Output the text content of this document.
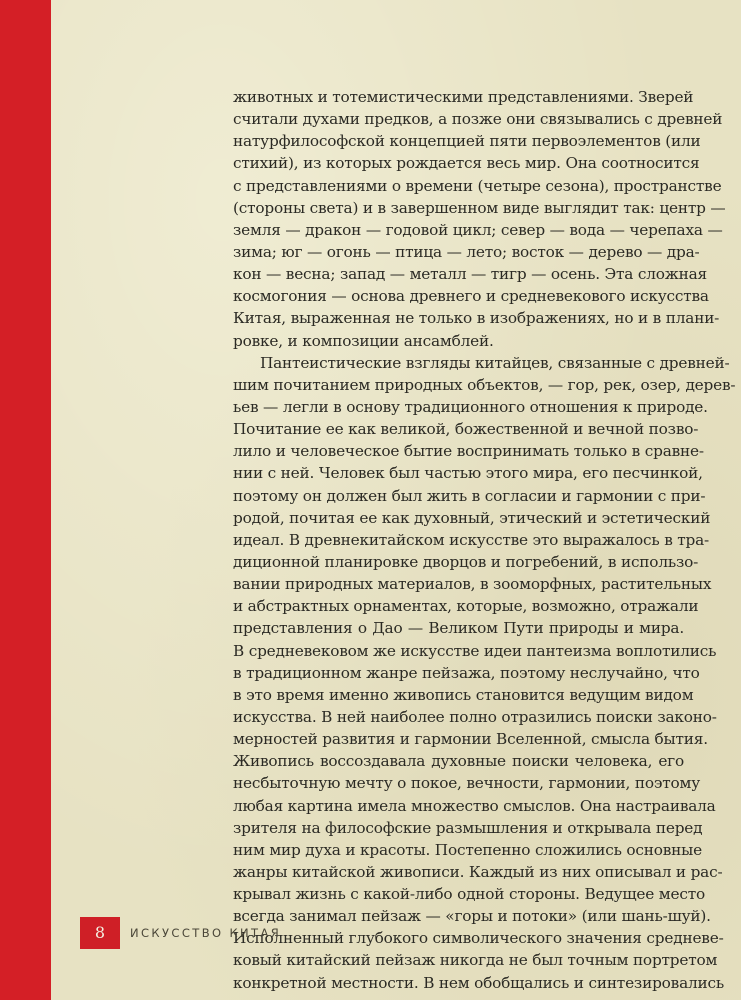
животных и тотемистическими представлениями. Зверей
считали духами предков, а позже они связывались с древней
натурфилософской концепцией пяти первоэлементов (или
стихий), из которых рождается весь мир. Она соотносится
с представлениями о времени (четыре сезона), пространстве
(стороны света) и в завершенном виде выглядит так: центр —
земля — дракон — годовой цикл; север — вода — черепаха —
зима; юг — огонь — птица — лето; восток — дерево — дра-
кон — весна; запад — металл — тигр — осень. Эта сложная
космогония — основа древнего и средневекового искусства
Китая, выраженная не только в изображениях, но и в плани-
ровке, и композиции ансамблей.
Пантеистические взгляды китайцев, связанные с древней-
шим почитанием природных объектов, — гор, рек, озер, дерев-
ьев — легли в основу традиционного отношения к природе.
Почитание ее как великой, божественной и вечной позво-
лило и человеческое бытие воспринимать только в сравне-
нии с ней. Человек был частью этого мира, его песчинкой,
поэтому он должен был жить в согласии и гармонии с при-
родой, почитая ее как духовный, этический и эстетический
идеал. В древнекитайском искусстве это выражалось в тра-
диционной планировке дворцов и погребений, в использо-
вании природных материалов, в зооморфных, растительных
и абстрактных орнаментах, которые, возможно, отражали
представления о Дао — Великом Пути природы и мира.
В средневековом же искусстве идеи пантеизма воплотились
в традиционном жанре пейзажа, поэтому неслучайно, что
в это время именно живопись становится ведущим видом
искусства. В ней наиболее полно отразились поиски законо-
мерностей развития и гармонии Вселенной, смысла бытия.
Живопись воссоздавала духовные поиски человека, его
несбыточную мечту о покое, вечности, гармонии, поэтому
любая картина имела множество смыслов. Она настраивала
зрителя на философские размышления и открывала перед
ним мир духа и красоты. Постепенно сложились основные
жанры китайской живописи. Каждый из них описывал и рас-
крывал жизнь с какой-либо одной стороны. Ведущее место
всегда занимал пейзаж — «горы и потоки» (или шань-шуй).
Исполненный глубокого символического значения средневе-
ковый китайский пейзаж никогда не был точным портретом
конкретной местности. В нем обобщались и синтезировались
8	ИСКУССТВО КИТАЯ
